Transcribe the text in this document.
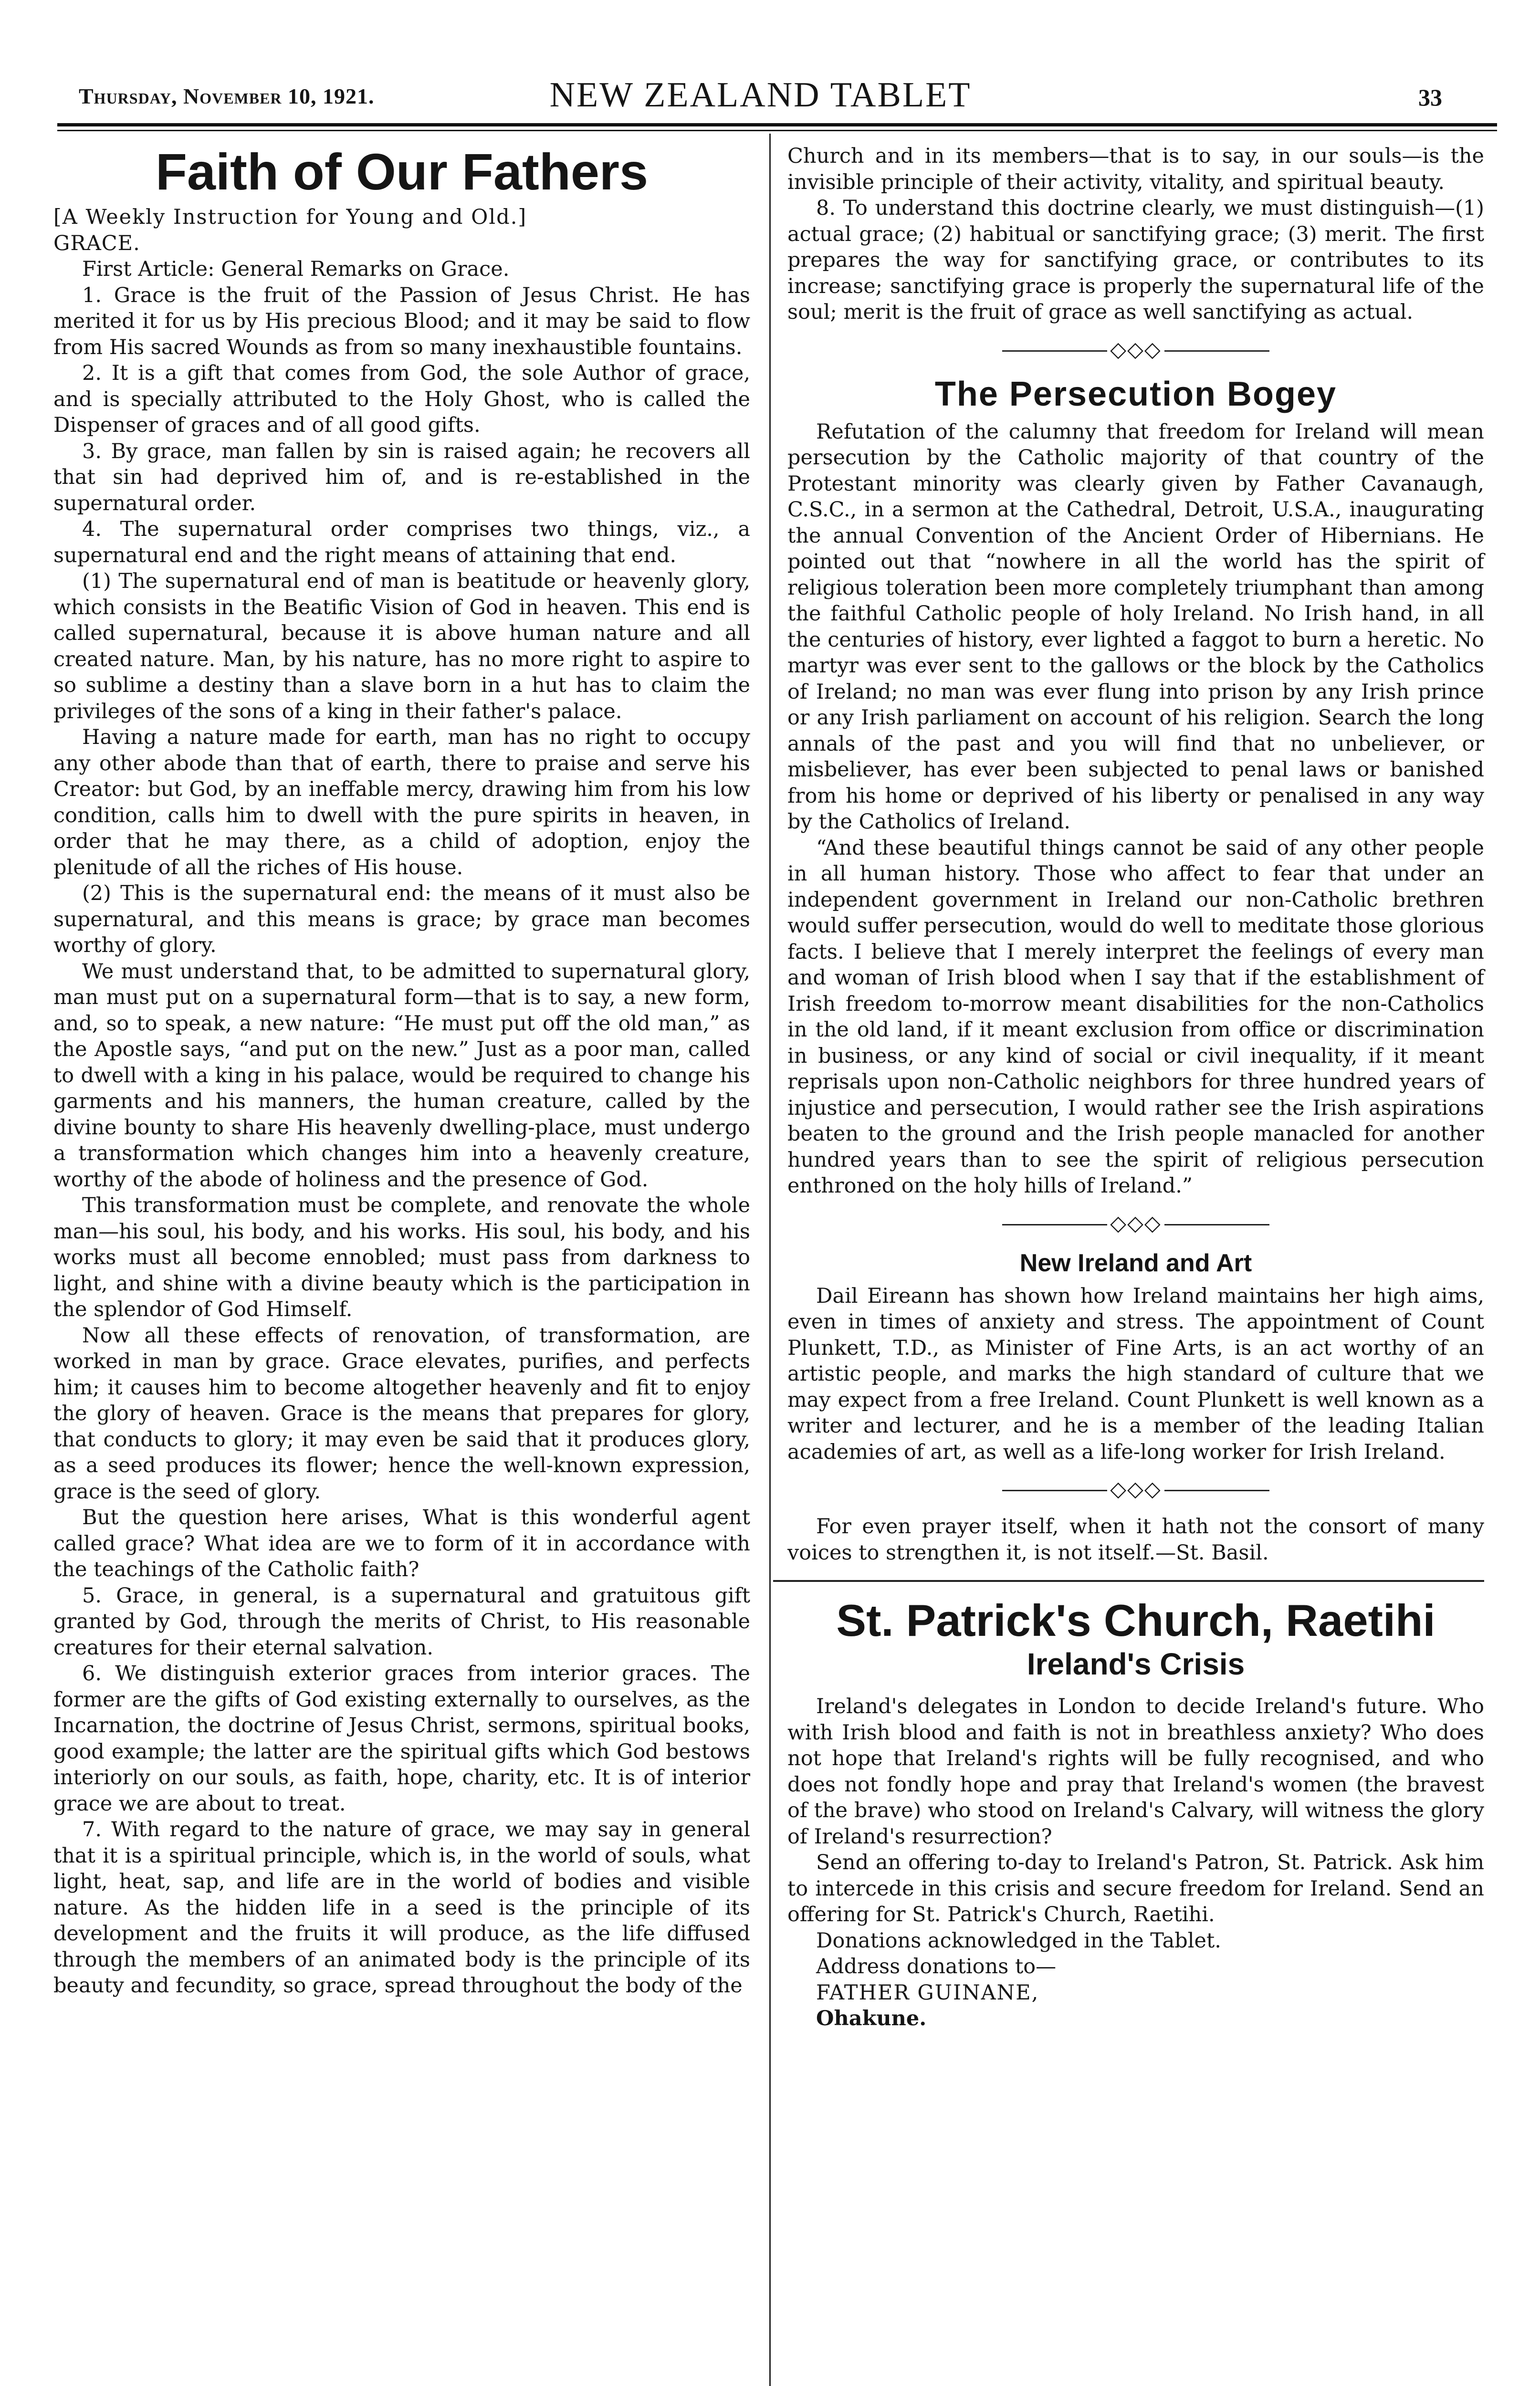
Thursday, November 10, 1921.	NEW ZEALAND TABLET	33
Faith of Our Fathers

[A Weekly Instruction for Young and Old.]

GRACE.

First Article: General Remarks on Grace.

1. Grace is the fruit of the Passion of Jesus Christ. He has merited it for us by His precious Blood; and it may be said to flow from His sacred Wounds as from so many inexhaustible fountains.

2. It is a gift that comes from God, the sole Author of grace, and is specially attributed to the Holy Ghost, who is called the Dispenser of graces and of all good gifts.

3. By grace, man fallen by sin is raised again; he recovers all that sin had deprived him of, and is re-established in the supernatural order.

4. The supernatural order comprises two things, viz., a supernatural end and the right means of attaining that end.

(1) The supernatural end of man is beatitude or heavenly glory, which consists in the Beatific Vision of God in heaven. This end is called supernatural, because it is above human nature and all created nature. Man, by his nature, has no more right to aspire to so sublime a destiny than a slave born in a hut has to claim the privileges of the sons of a king in their father's palace.

Having a nature made for earth, man has no right to occupy any other abode than that of earth, there to praise and serve his Creator: but God, by an ineffable mercy, drawing him from his low condition, calls him to dwell with the pure spirits in heaven, in order that he may there, as a child of adoption, enjoy the plenitude of all the riches of His house.

(2) This is the supernatural end: the means of it must also be supernatural, and this means is grace; by grace man becomes worthy of glory.

We must understand that, to be admitted to supernatural glory, man must put on a supernatural form—that is to say, a new form, and, so to speak, a new nature: “He must put off the old man,” as the Apostle says, “and put on the new.” Just as a poor man, called to dwell with a king in his palace, would be required to change his garments and his manners, the human creature, called by the divine bounty to share His heavenly dwelling-place, must undergo a transformation which changes him into a heavenly creature, worthy of the abode of holiness and the presence of God.

This transformation must be complete, and renovate the whole man—his soul, his body, and his works. His soul, his body, and his works must all become ennobled; must pass from darkness to light, and shine with a divine beauty which is the participation in the splendor of God Himself.

Now all these effects of renovation, of transformation, are worked in man by grace. Grace elevates, purifies, and perfects him; it causes him to become altogether heavenly and fit to enjoy the glory of heaven. Grace is the means that prepares for glory, that conducts to glory; it may even be said that it produces glory, as a seed produces its flower; hence the well-known expression, grace is the seed of glory.

But the question here arises, What is this wonderful agent called grace? What idea are we to form of it in accordance with the teachings of the Catholic faith?

5. Grace, in general, is a supernatural and gratuitous gift granted by God, through the merits of Christ, to His reasonable creatures for their eternal salvation.

6. We distinguish exterior graces from interior graces. The former are the gifts of God existing externally to ourselves, as the Incarnation, the doctrine of Jesus Christ, sermons, spiritual books, good example; the latter are the spiritual gifts which God bestows interiorly on our souls, as faith, hope, charity, etc. It is of interior grace we are about to treat.

7. With regard to the nature of grace, we may say in general that it is a spiritual principle, which is, in the world of souls, what light, heat, sap, and life are in the world of bodies and visible nature. As the hidden life in a seed is the principle of its development and the fruits it will produce, as the life diffused through the members of an animated body is the principle of its beauty and fecundity, so grace, spread throughout the body of the

Church and in its members—that is to say, in our souls—is the invisible principle of their activity, vitality, and spiritual beauty.

8. To understand this doctrine clearly, we must distinguish—(1) actual grace; (2) habitual or sanctifying grace; (3) merit. The first prepares the way for sanctifying grace, or contributes to its increase; sanctifying grace is properly the supernatural life of the soul; merit is the fruit of grace as well sanctifying as actual.

◇◇◇
The Persecution Bogey

Refutation of the calumny that freedom for Ireland will mean persecution by the Catholic majority of that country of the Protestant minority was clearly given by Father Cavanaugh, C.S.C., in a sermon at the Cathedral, Detroit, U.S.A., inaugurating the annual Convention of the Ancient Order of Hibernians. He pointed out that “nowhere in all the world has the spirit of religious toleration been more completely triumphant than among the faithful Catholic people of holy Ireland. No Irish hand, in all the centuries of history, ever lighted a faggot to burn a heretic. No martyr was ever sent to the gallows or the block by the Catholics of Ireland; no man was ever flung into prison by any Irish prince or any Irish parliament on account of his religion. Search the long annals of the past and you will find that no unbeliever, or misbeliever, has ever been subjected to penal laws or banished from his home or deprived of his liberty or penalised in any way by the Catholics of Ireland.

“And these beautiful things cannot be said of any other people in all human history. Those who affect to fear that under an independent government in Ireland our non-Catholic brethren would suffer persecution, would do well to meditate those glorious facts. I believe that I merely interpret the feelings of every man and woman of Irish blood when I say that if the establishment of Irish freedom to-morrow meant disabilities for the non-Catholics in the old land, if it meant exclusion from office or discrimination in business, or any kind of social or civil inequality, if it meant reprisals upon non-Catholic neighbors for three hundred years of injustice and persecution, I would rather see the Irish aspirations beaten to the ground and the Irish people manacled for another hundred years than to see the spirit of religious persecution enthroned on the holy hills of Ireland.”

◇◇◇
New Ireland and Art

Dail Eireann has shown how Ireland maintains her high aims, even in times of anxiety and stress. The appointment of Count Plunkett, T.D., as Minister of Fine Arts, is an act worthy of an artistic people, and marks the high standard of culture that we may expect from a free Ireland. Count Plunkett is well known as a writer and lecturer, and he is a member of the leading Italian academies of art, as well as a life-long worker for Irish Ireland.

◇◇◇

For even prayer itself, when it hath not the consort of many voices to strengthen it, is not itself.—St. Basil.

St. Patrick's Church, Raetihi
Ireland's Crisis

Ireland's delegates in London to decide Ireland's future. Who with Irish blood and faith is not in breathless anxiety? Who does not hope that Ireland's rights will be fully recognised, and who does not fondly hope and pray that Ireland's women (the bravest of the brave) who stood on Ireland's Calvary, will witness the glory of Ireland's resurrection?

Send an offering to-day to Ireland's Patron, St. Patrick. Ask him to intercede in this crisis and secure freedom for Ireland. Send an offering for St. Patrick's Church, Raetihi.

Donations acknowledged in the Tablet.

Address donations to—

FATHER GUINANE,

Ohakune.
